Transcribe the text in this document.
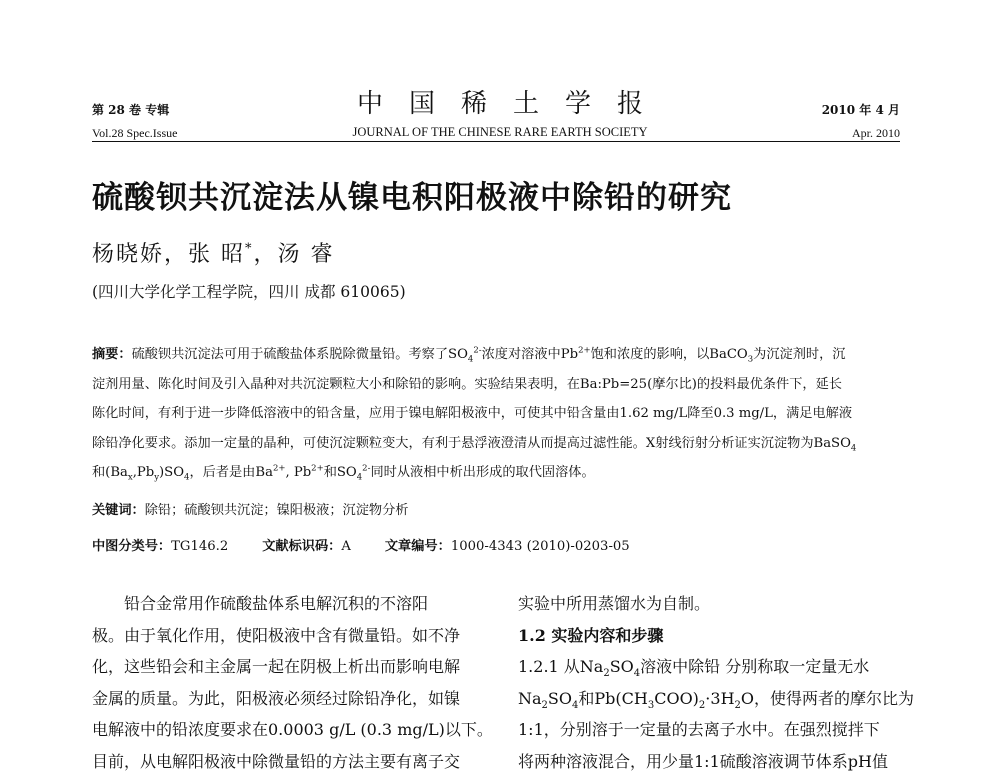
第 28 卷 专辑
Vol.28 Spec.Issue
中国稀土学报
JOURNAL OF THE CHINESE RARE EARTH SOCIETY
2010 年 4 月
Apr. 2010
硫酸钡共沉淀法从镍电积阳极液中除铅的研究
杨晓娇，张 昭*，汤 睿
(四川大学化学工程学院，四川 成都 610065)
摘要：硫酸钡共沉淀法可用于硫酸盐体系脱除微量铅。考察了$SO_4^{2-}$浓度对溶液中$Pb^{2+}$饱和浓度的影响，以BaCO$_3$为沉淀剂时，沉
淀剂用量、陈化时间及引入晶种对共沉淀颗粒大小和除铅的影响。实验结果表明，在Ba:Pb=25(摩尔比)的投料最优条件下，延长
陈化时间，有利于进一步降低溶液中的铅含量，应用于镍电解阳极液中，可使其中铅含量由1.62 mg/L降至0.3 mg/L，满足电解液
除铅净化要求。添加一定量的晶种，可使沉淀颗粒变大，有利于悬浮液澄清从而提高过滤性能。X射线衍射分析证实沉淀物为BaSO$_4$
和$(Ba_x,Pb_y)SO_4$，后者是由$Ba^{2+}$, $Pb^{2+}$和$SO_4^{2-}$同时从液相中析出形成的取代固溶体。
关键词：除铅；硫酸钡共沉淀；镍阳极液；沉淀物分析
中图分类号：TG146.2	文献标识码：A	文章编号：1000-4343 (2010)-0203-05
铅合金常用作硫酸盐体系电解沉积的不溶阳
极。由于氧化作用，使阳极液中含有微量铅。如不净
化，这些铅会和主金属一起在阴极上析出而影响电解
金属的质量。为此，阳极液必须经过除铅净化，如镍
电解液中的铅浓度要求在0.0003 g/L (0.3 mg/L)以下。
目前，从电解阳极液中除微量铅的方法主要有离子交
实验中所用蒸馏水为自制。
1.2 实验内容和步骤
1.2.1 从$Na_2SO_4$溶液中除铅 分别称取一定量无水
$Na_2SO_4$和$Pb(CH_3COO)_2\cdot 3H_2O$，使得两者的摩尔比为
1:1，分别溶于一定量的去离子水中。在强烈搅拌下
将两种溶液混合，用少量1:1硫酸溶液调节体系pH值
